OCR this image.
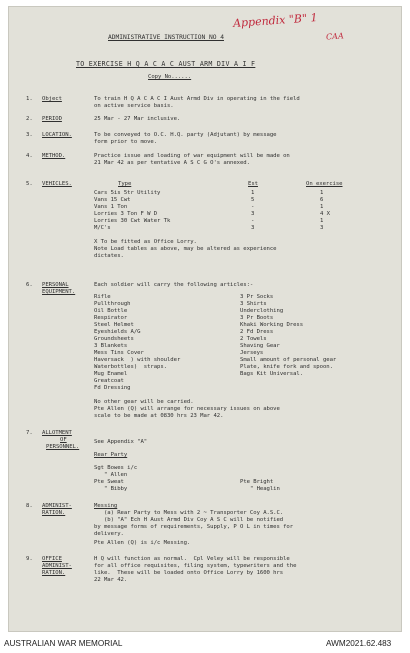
Appendix "B" 1
CAA
ADMINISTRATIVE INSTRUCTION NO 4
TO EXERCISE H Q A C A C AUST ARM DIV A I F
Copy No......
1. Object	To train H Q A C A C I Aust Armd Div in operating in the field
on active service basis.
2. PERIOD	25 Mar - 27 Mar inclusive.
3. LOCATION.	To be conveyed to O.C. H.Q. party (Adjutant) by message
form prior to move.
4. METHOD.	Practice issue and loading of war equipment will be made on
21 Mar 42 as per tentative A S C G O's annexed.
5. VEHICLES.	Type	Est	On exercise
Cars 5is 5tr Utility	1	1
Vans 15 Cwt	5	6
Vans 1 Ton	-	1
Lorries 3 Ton F W D	3	4 X
Lorries 30 Cwt Water Tk	-	1
M/C's	3	3
X To be fitted as Office Lorry.
Note Load tables as above, may be altered as experience
dictates.
6. PERSONAL
EQUIPMENT.
Each soldier will carry the following articles:-
Rifle
Pullthrough
Oil Bottle
Respirator
Steel Helmet
Eyeshields A/G
Groundsheets
3 Blankets
Mess Tins Cover
Haversack  ) with shoulder
Waterbottles)  straps.
Mug Enamel
Greatcoat
Fd Dressing
3 Pr Socks
3 Shirts
Underclothing
3 Pr Boots
Khaki Working Dress
2 Fd Dress
2 Towels
Shaving Gear
Jerseys
Small amount of personal gear
Plate, knife fork and spoon.
Bags Kit Universal.
No other gear will be carried.
Pte Allen (Q) will arrange for necessary issues on above
scale to be made at 0830 hrs 23 Mar 42.
7. ALLOTMENT
OF
PERSONNEL.
See Appendix "A"
Rear Party
Sgt Bowes i/c
" Allen
Pte Sweat
" Bibby
Pte Bright
" Heaglin
8. ADMINIST-
RATION.
Messing
(a) Rear Party to Mess with 2 ~ Transporter Coy A.S.C.
(b) "A" Ech H Aust Armd Div Coy A S C will be notified
by message forms of requirements, Supply, P O L in times for
delivery.
Pte Allen (Q) is i/c Messing.
9. OFFICE
ADMINIST-
RATION.
H Q will function as normal.  Cpl Veley will be responsible
for all office requisites, filing system, typewriters and the
like.  These will be loaded onto Office Lorry by 1600 hrs
22 Mar 42.
AUSTRALIAN WAR MEMORIAL	AWM2021.62.483
